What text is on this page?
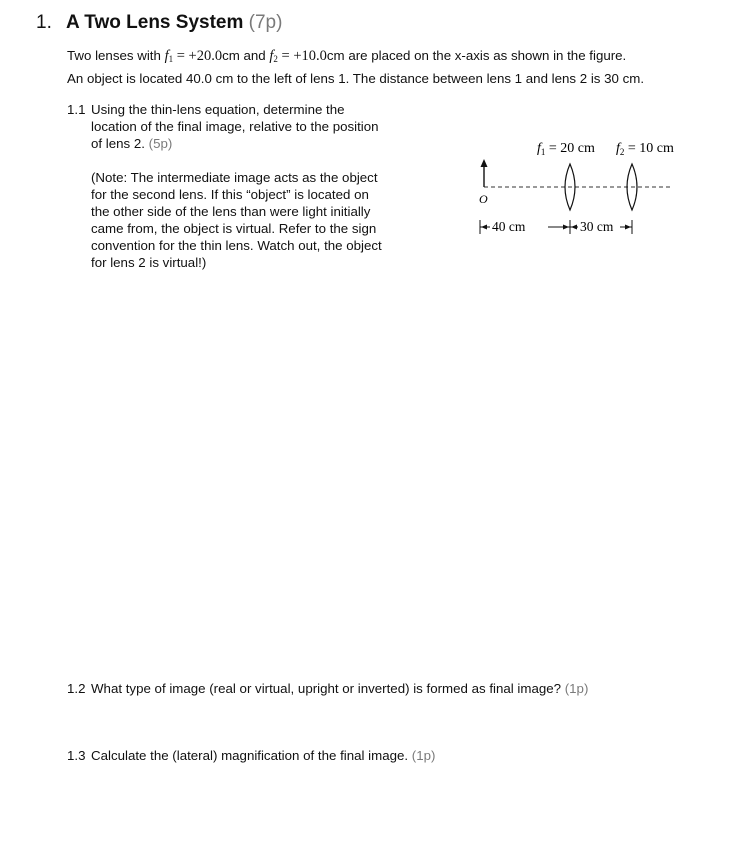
1. A Two Lens System (7p)
Two lenses with $f_1 = +20.0cm$ and $f_2 = +10.0cm$ are placed on the x-axis as shown in the figure.
An object is located 40.0 cm to the left of lens 1. The distance between lens 1 and lens 2 is 30 cm.
1.1 Using the thin-lens equation, determine the
location of the final image, relative to the position
of lens 2. (5p)
(Note: The intermediate image acts as the object
for the second lens. If this “object” is located on
the other side of the lens than were light initially
came from, the object is virtual. Refer to the sign
convention for the thin lens. Watch out, the object
for lens 2 is virtual!)
$f_1 = 20$ cm $f_2 = 10$ cm
O
40 cm	30 cm
1.2 What type of image (real or virtual, upright or inverted) is formed as final image? (1p)
1.3 Calculate the (lateral) magnification of the final image. (1p)
